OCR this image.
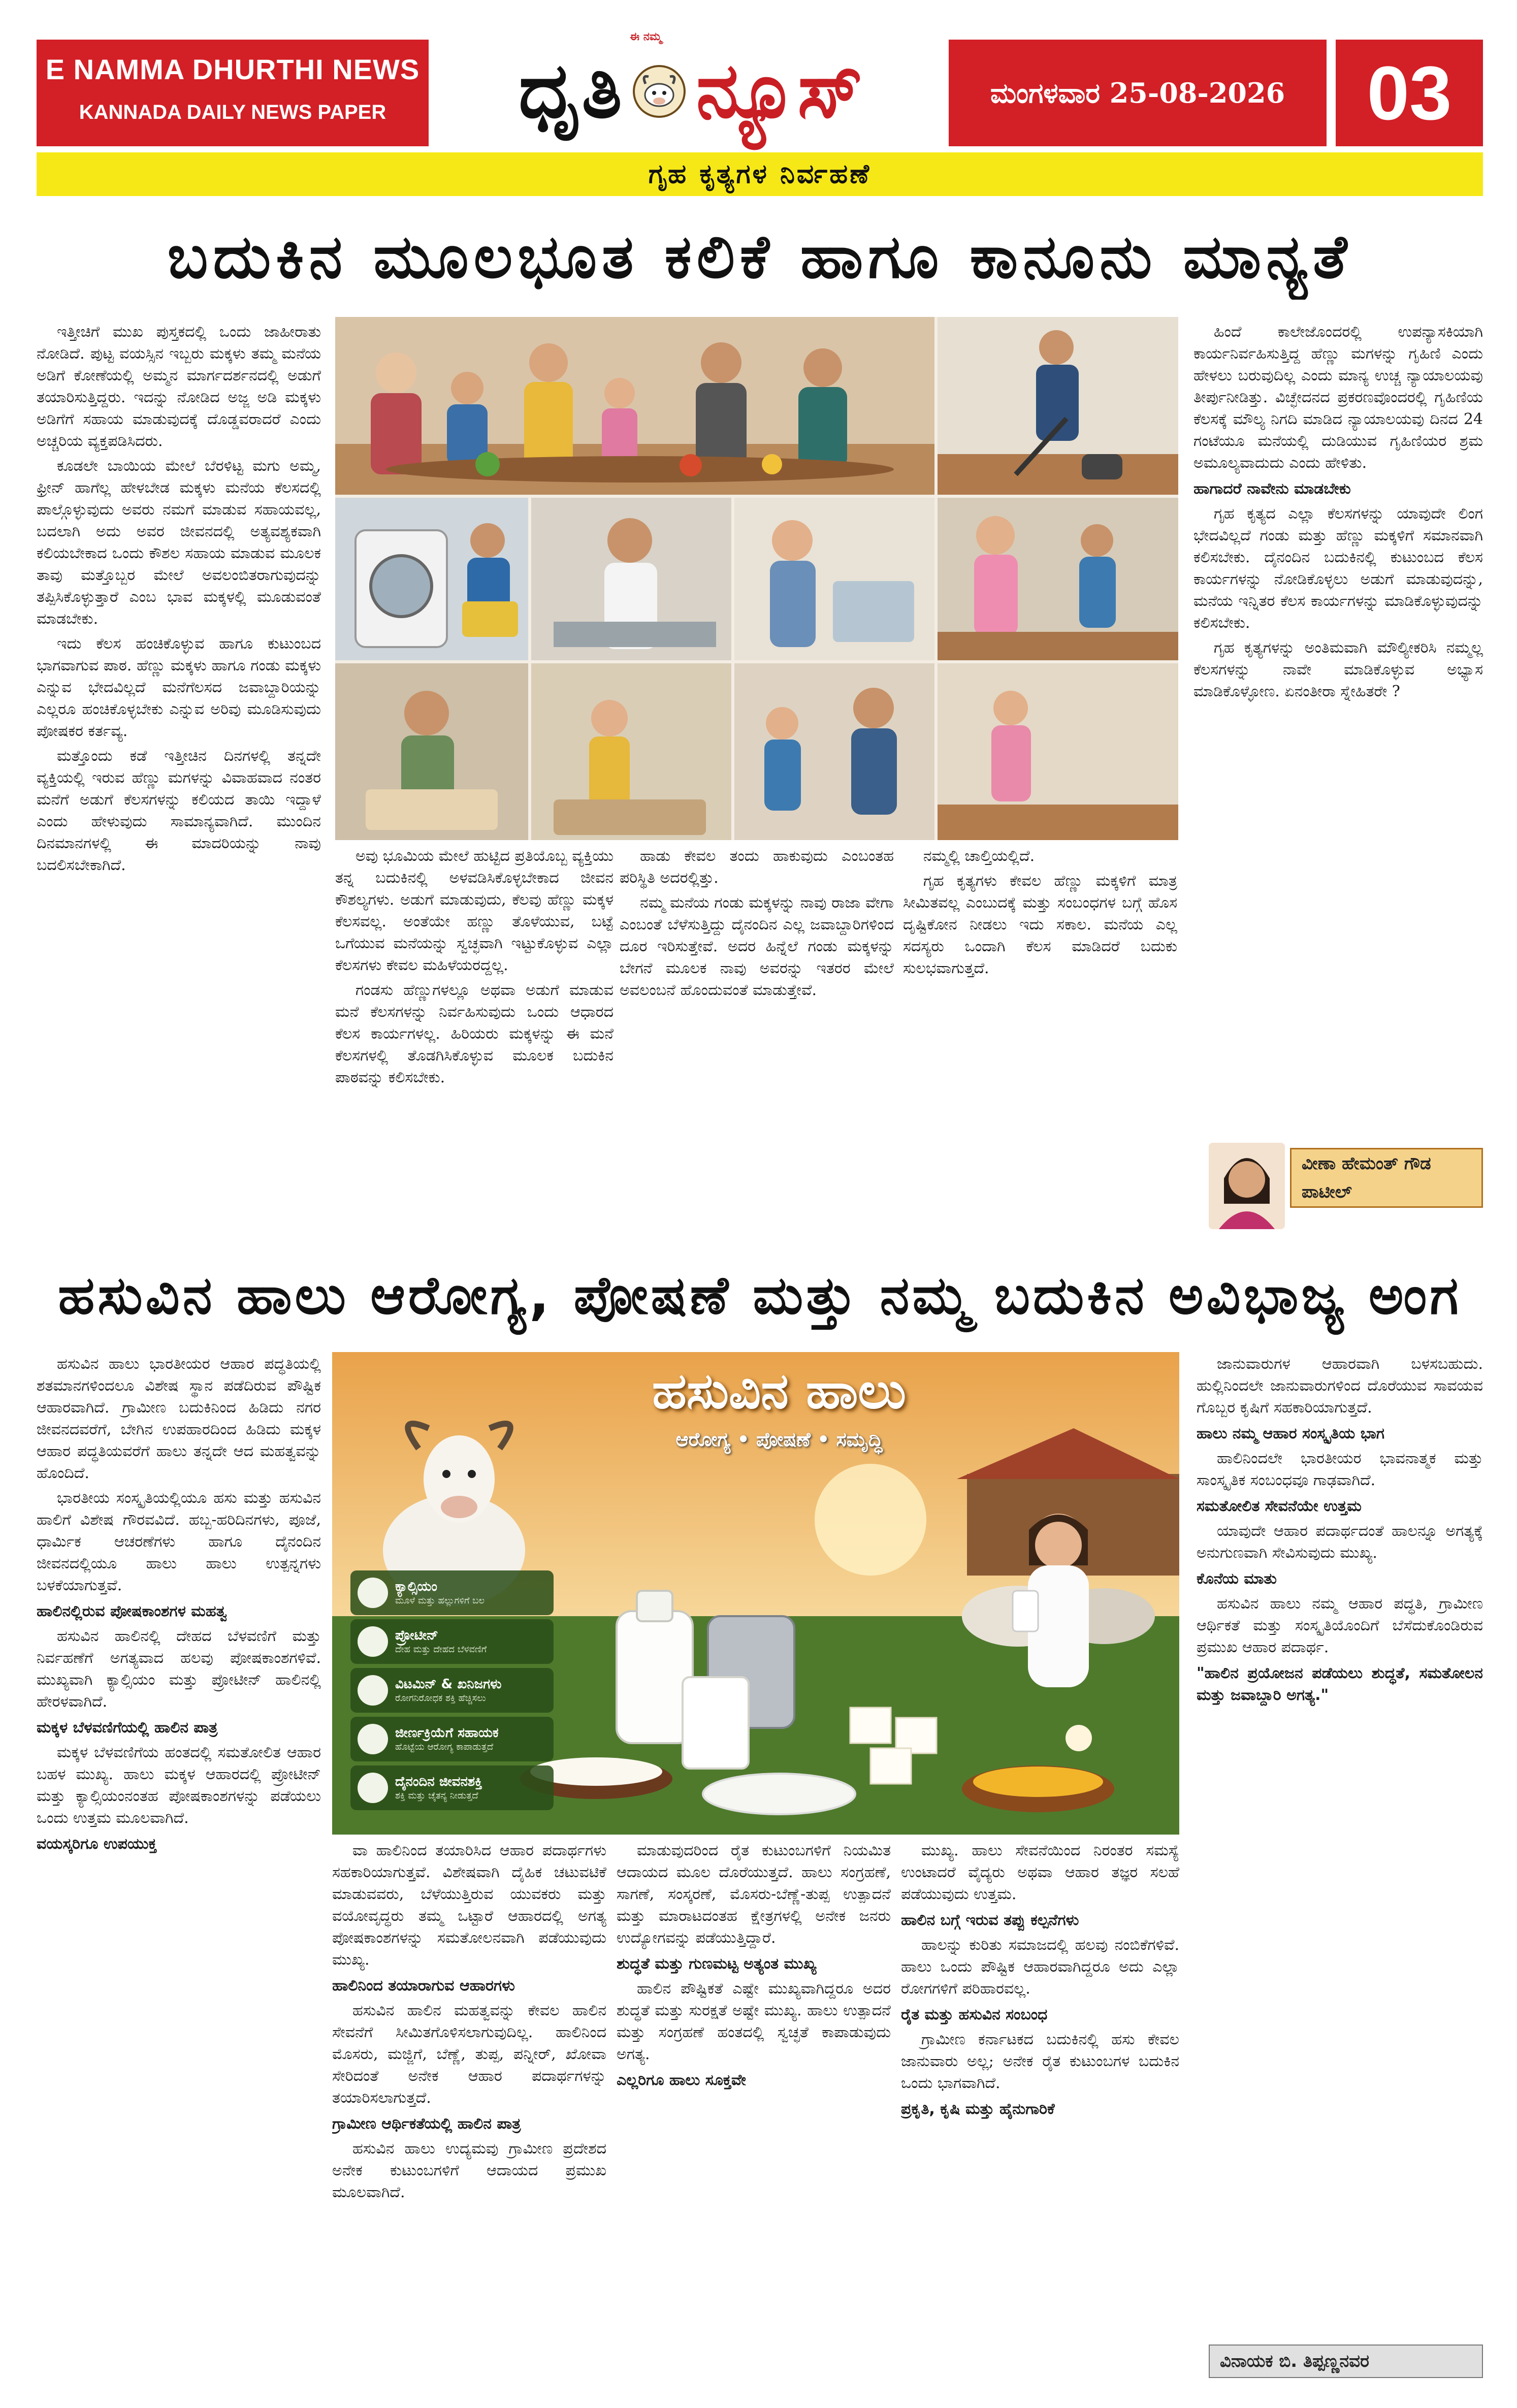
E NAMMA DHURTHI NEWS
KANNADA DAILY NEWS PAPER
ಈ ನಮ್ಮ
ಧೃತಿ ನ್ಯೂಸ್	ಮಂಗಳವಾರ 25-08-2026	03
ಗೃಹ ಕೃತ್ಯಗಳ ನಿರ್ವಹಣೆ
ಬದುಕಿನ ಮೂಲಭೂತ ಕಲಿಕೆ ಹಾಗೂ ಕಾನೂನು ಮಾನ್ಯತೆ

ಇತ್ತೀಚಿಗೆ ಮುಖ ಪುಸ್ತಕದಲ್ಲಿ ಒಂದು ಜಾಹೀರಾತು ನೋಡಿದೆ. ಪುಟ್ಟ ವಯಸ್ಸಿನ ಇಬ್ಬರು ಮಕ್ಕಳು ತಮ್ಮ ಮನೆಯ ಅಡಿಗೆ ಕೋಣೆಯಲ್ಲಿ ಅಮ್ಮನ ಮಾರ್ಗದರ್ಶನದಲ್ಲಿ ಅಡುಗೆ ತಯಾರಿಸುತ್ತಿದ್ದರು. ಇದನ್ನು ನೋಡಿದ ಅಜ್ಜ ಅಡಿ ಮಕ್ಕಳು ಅಡಿಗೆಗೆ ಸಹಾಯ ಮಾಡುವುದಕ್ಕೆ ದೊಡ್ಡವರಾದರೆ ಎಂದು ಅಚ್ಚರಿಯ ವ್ಯಕ್ತಪಡಿಸಿದರು.

ಕೂಡಲೇ ಬಾಯಿಯ ಮೇಲೆ ಬೆರಳಿಟ್ಟ ಮಗು ಅಮ್ಮ, ಫ್ರೀನ್ ಹಾಗೆಲ್ಲ ಹೇಳಬೇಡ ಮಕ್ಕಳು ಮನೆಯ ಕೆಲಸದಲ್ಲಿ ಪಾಲ್ಗೊಳ್ಳುವುದು ಅವರು ನಮಗೆ ಮಾಡುವ ಸಹಾಯವಲ್ಲ, ಬದಲಾಗಿ ಅದು ಅವರ ಜೀವನದಲ್ಲಿ ಅತ್ಯವಶ್ಯಕವಾಗಿ ಕಲಿಯಬೇಕಾದ ಒಂದು ಕೌಶಲ ಸಹಾಯ ಮಾಡುವ ಮೂಲಕ ತಾವು ಮತ್ತೊಬ್ಬರ ಮೇಲೆ ಅವಲಂಬಿತರಾಗುವುದನ್ನು ತಪ್ಪಿಸಿಕೊಳ್ಳುತ್ತಾರೆ ಎಂಬ ಭಾವ ಮಕ್ಕಳಲ್ಲಿ ಮೂಡುವಂತೆ ಮಾಡಬೇಕು.

ಇದು ಕೆಲಸ ಹಂಚಿಕೊಳ್ಳುವ ಹಾಗೂ ಕುಟುಂಬದ ಭಾಗವಾಗುವ ಪಾಠ. ಹೆಣ್ಣು ಮಕ್ಕಳು ಹಾಗೂ ಗಂಡು ಮಕ್ಕಳು ಎನ್ನುವ ಭೇದವಿಲ್ಲದೆ ಮನೆಗೆಲಸದ ಜವಾಬ್ದಾರಿಯನ್ನು ಎಲ್ಲರೂ ಹಂಚಿಕೊಳ್ಳಬೇಕು ಎನ್ನುವ ಅರಿವು ಮೂಡಿಸುವುದು ಪೋಷಕರ ಕರ್ತವ್ಯ.

ಮತ್ತೊಂದು ಕಡೆ ಇತ್ತೀಚಿನ ದಿನಗಳಲ್ಲಿ ತನ್ನದೇ ವ್ಯಕ್ತಿಯಲ್ಲಿ ಇರುವ ಹೆಣ್ಣು ಮಗಳನ್ನು ವಿವಾಹವಾದ ನಂತರ ಮನೆಗೆ ಅಡುಗೆ ಕೆಲಸಗಳನ್ನು ಕಲಿಯದ ತಾಯಿ ಇದ್ದಾಳೆ ಎಂದು ಹೇಳುವುದು ಸಾಮಾನ್ಯವಾಗಿದೆ. ಮುಂದಿನ ದಿನಮಾನಗಳಲ್ಲಿ ಈ ಮಾದರಿಯನ್ನು ನಾವು ಬದಲಿಸಬೇಕಾಗಿದೆ.

ಅವು ಭೂಮಿಯ ಮೇಲೆ ಹುಟ್ಟಿದ ಪ್ರತಿಯೊಬ್ಬ ವ್ಯಕ್ತಿಯು ತನ್ನ ಬದುಕಿನಲ್ಲಿ ಅಳವಡಿಸಿಕೊಳ್ಳಬೇಕಾದ ಜೀವನ ಕೌಶಲ್ಯಗಳು. ಅಡುಗೆ ಮಾಡುವುದು, ಕೆಲವು ಹೆಣ್ಣು ಮಕ್ಕಳ ಕೆಲಸವಲ್ಲ. ಅಂತೆಯೇ ಹಣ್ಣು ತೊಳೆಯುವ, ಬಟ್ಟೆ ಒಗೆಯುವ ಮನೆಯನ್ನು ಸ್ವಚ್ಛವಾಗಿ ಇಟ್ಟುಕೊಳ್ಳುವ ಎಲ್ಲಾ ಕೆಲಸಗಳು ಕೇವಲ ಮಹಿಳೆಯರದ್ದಲ್ಲ.

ಗಂಡಸು ಹೆಣ್ಣುಗಳಲ್ಲೂ ಅಥವಾ ಅಡುಗೆ ಮಾಡುವ ಮನೆ ಕೆಲಸಗಳನ್ನು ನಿರ್ವಹಿಸುವುದು ಒಂದು ಆಧಾರದ ಕೆಲಸ ಕಾರ್ಯಗಳಲ್ಲ. ಹಿರಿಯರು ಮಕ್ಕಳನ್ನು ಈ ಮನೆ ಕೆಲಸಗಳಲ್ಲಿ ತೊಡಗಿಸಿಕೊಳ್ಳುವ ಮೂಲಕ ಬದುಕಿನ ಪಾಠವನ್ನು ಕಲಿಸಬೇಕು.

ಹಾಡು ಕೇವಲ ತಂದು ಹಾಕುವುದು ಎಂಬಂತಹ ಪರಿಸ್ಥಿತಿ ಅದರಲ್ಲಿತ್ತು.

ನಮ್ಮ ಮನೆಯ ಗಂಡು ಮಕ್ಕಳನ್ನು ನಾವು ರಾಜಾ ವೇಗಾ ಎಂಬಂತೆ ಬೆಳೆಸುತ್ತಿದ್ದು ದೈನಂದಿನ ಎಲ್ಲ ಜವಾಬ್ದಾರಿಗಳಿಂದ ದೂರ ಇರಿಸುತ್ತೇವೆ. ಅದರ ಹಿನ್ನೆಲೆ ಗಂಡು ಮಕ್ಕಳನ್ನು ಬೇಗನೆ ಮೂಲಕ ನಾವು ಅವರನ್ನು ಇತರರ ಮೇಲೆ ಅವಲಂಬನೆ ಹೊಂದುವಂತೆ ಮಾಡುತ್ತೇವೆ.

ನಮ್ಮಲ್ಲಿ ಚಾಲ್ತಿಯಲ್ಲಿದೆ.

ಗೃಹ ಕೃತ್ಯಗಳು ಕೇವಲ ಹೆಣ್ಣು ಮಕ್ಕಳಿಗೆ ಮಾತ್ರ ಸೀಮಿತವಲ್ಲ ಎಂಬುದಕ್ಕೆ ಮತ್ತು ಸಂಬಂಧಗಳ ಬಗ್ಗೆ ಹೊಸ ದೃಷ್ಟಿಕೋನ ನೀಡಲು ಇದು ಸಕಾಲ. ಮನೆಯ ಎಲ್ಲ ಸದಸ್ಯರು ಒಂದಾಗಿ ಕೆಲಸ ಮಾಡಿದರೆ ಬದುಕು ಸುಲಭವಾಗುತ್ತದೆ.

ಹಿಂದೆ ಕಾಲೇಜೊಂದರಲ್ಲಿ ಉಪನ್ಯಾಸಕಿಯಾಗಿ ಕಾರ್ಯನಿರ್ವಹಿಸುತ್ತಿದ್ದ ಹೆಣ್ಣು ಮಗಳನ್ನು ಗೃಹಿಣಿ ಎಂದು ಹೇಳಲು ಬರುವುದಿಲ್ಲ ಎಂದು ಮಾನ್ಯ ಉಚ್ಚ ನ್ಯಾಯಾಲಯವು ತೀರ್ಪುನೀಡಿತ್ತು. ವಿಚ್ಛೇದನದ ಪ್ರಕರಣವೊಂದರಲ್ಲಿ ಗೃಹಿಣಿಯ ಕೆಲಸಕ್ಕೆ ಮೌಲ್ಯ ನಿಗದಿ ಮಾಡಿದ ನ್ಯಾಯಾಲಯವು ದಿನದ 24 ಗಂಟೆಯೂ ಮನೆಯಲ್ಲಿ ದುಡಿಯುವ ಗೃಹಿಣಿಯರ ಶ್ರಮ ಅಮೂಲ್ಯವಾದುದು ಎಂದು ಹೇಳಿತು.

ಹಾಗಾದರೆ ನಾವೇನು ಮಾಡಬೇಕು

ಗೃಹ ಕೃತ್ಯದ ಎಲ್ಲಾ ಕೆಲಸಗಳನ್ನು ಯಾವುದೇ ಲಿಂಗ ಭೇದವಿಲ್ಲದೆ ಗಂಡು ಮತ್ತು ಹೆಣ್ಣು ಮಕ್ಕಳಿಗೆ ಸಮಾನವಾಗಿ ಕಲಿಸಬೇಕು. ದೈನಂದಿನ ಬದುಕಿನಲ್ಲಿ ಕುಟುಂಬದ ಕೆಲಸ ಕಾರ್ಯಗಳನ್ನು ನೋಡಿಕೊಳ್ಳಲು ಅಡುಗೆ ಮಾಡುವುದನ್ನು, ಮನೆಯ ಇನ್ನಿತರ ಕೆಲಸ ಕಾರ್ಯಗಳನ್ನು ಮಾಡಿಕೊಳ್ಳುವುದನ್ನು ಕಲಿಸಬೇಕು.

ಗೃಹ ಕೃತ್ಯಗಳನ್ನು ಅಂತಿಮವಾಗಿ ಮೌಲ್ಯೀಕರಿಸಿ ನಮ್ಮಲ್ಲ ಕೆಲಸಗಳನ್ನು ನಾವೇ ಮಾಡಿಕೊಳ್ಳುವ ಅಭ್ಯಾಸ ಮಾಡಿಕೊಳ್ಳೋಣ. ಏನಂತೀರಾ ಸ್ನೇಹಿತರೇ ?

ವೀಣಾ ಹೇಮಂತ್ ಗೌಡ ಪಾಟೀಲ್
ಹಸುವಿನ ಹಾಲು ಆರೋಗ್ಯ, ಪೋಷಣೆ ಮತ್ತು ನಮ್ಮ ಬದುಕಿನ ಅವಿಭಾಜ್ಯ ಅಂಗ

ಹಸುವಿನ ಹಾಲು ಭಾರತೀಯರ ಆಹಾರ ಪದ್ಧತಿಯಲ್ಲಿ ಶತಮಾನಗಳಿಂದಲೂ ವಿಶೇಷ ಸ್ಥಾನ ಪಡೆದಿರುವ ಪೌಷ್ಟಿಕ ಆಹಾರವಾಗಿದೆ. ಗ್ರಾಮೀಣ ಬದುಕಿನಿಂದ ಹಿಡಿದು ನಗರ ಜೀವನದವರೆಗೆ, ಬೇಗಿನ ಉಪಹಾರದಿಂದ ಹಿಡಿದು ಮಕ್ಕಳ ಆಹಾರ ಪದ್ಧತಿಯವರೆಗೆ ಹಾಲು ತನ್ನದೇ ಆದ ಮಹತ್ವವನ್ನು ಹೊಂದಿದೆ.

ಭಾರತೀಯ ಸಂಸ್ಕೃತಿಯಲ್ಲಿಯೂ ಹಸು ಮತ್ತು ಹಸುವಿನ ಹಾಲಿಗೆ ವಿಶೇಷ ಗೌರವವಿದೆ. ಹಬ್ಬ-ಹರಿದಿನಗಳು, ಪೂಜೆ, ಧಾರ್ಮಿಕ ಆಚರಣೆಗಳು ಹಾಗೂ ದೈನಂದಿನ ಜೀವನದಲ್ಲಿಯೂ ಹಾಲು ಹಾಲು ಉತ್ಪನ್ನಗಳು ಬಳಕೆಯಾಗುತ್ತವೆ.

ಹಾಲಿನಲ್ಲಿರುವ ಪೋಷಕಾಂಶಗಳ ಮಹತ್ವ

ಹಸುವಿನ ಹಾಲಿನಲ್ಲಿ ದೇಹದ ಬೆಳವಣಿಗೆ ಮತ್ತು ನಿರ್ವಹಣೆಗೆ ಅಗತ್ಯವಾದ ಹಲವು ಪೋಷಕಾಂಶಗಳಿವೆ. ಮುಖ್ಯವಾಗಿ ಕ್ಯಾಲ್ಸಿಯಂ ಮತ್ತು ಪ್ರೋಟೀನ್ ಹಾಲಿನಲ್ಲಿ ಹೇರಳವಾಗಿದೆ.

ಮಕ್ಕಳ ಬೆಳವಣಿಗೆಯಲ್ಲಿ ಹಾಲಿನ ಪಾತ್ರ

ಮಕ್ಕಳ ಬೆಳವಣಿಗೆಯ ಹಂತದಲ್ಲಿ ಸಮತೋಲಿತ ಆಹಾರ ಬಹಳ ಮುಖ್ಯ. ಹಾಲು ಮಕ್ಕಳ ಆಹಾರದಲ್ಲಿ ಪ್ರೋಟೀನ್ ಮತ್ತು ಕ್ಯಾಲ್ಸಿಯಂನಂತಹ ಪೋಷಕಾಂಶಗಳನ್ನು ಪಡೆಯಲು ಒಂದು ಉತ್ತಮ ಮೂಲವಾಗಿದೆ.

ವಯಸ್ಕರಿಗೂ ಉಪಯುಕ್ತ

ಹಸುವಿನ ಹಾಲು
ಆರೋಗ್ಯ • ಪೋಷಣೆ • ಸಮೃದ್ಧಿ
ಕ್ಯಾಲ್ಸಿಯಂ
ಮೂಳೆ ಮತ್ತು ಹಲ್ಲುಗಳಿಗೆ ಬಲ
ಪ್ರೋಟೀನ್
ದೇಹ ಮತ್ತು ದೇಹದ ಬೆಳವಣಿಗೆ
ವಿಟಮಿನ್ & ಖನಿಜಗಳು
ರೋಗನಿರೋಧಕ ಶಕ್ತಿ ಹೆಚ್ಚಿಸಲು
ಜೀರ್ಣಕ್ರಿಯೆಗೆ ಸಹಾಯಕ
ಹೊಟ್ಟೆಯ ಆರೋಗ್ಯ ಕಾಪಾಡುತ್ತದೆ
ದೈನಂದಿನ ಜೀವನಶಕ್ತಿ
ಶಕ್ತಿ ಮತ್ತು ಚೈತನ್ಯ ನೀಡುತ್ತದೆ

ವಾ ಹಾಲಿನಿಂದ ತಯಾರಿಸಿದ ಆಹಾರ ಪದಾರ್ಥಗಳು ಸಹಕಾರಿಯಾಗುತ್ತವೆ. ವಿಶೇಷವಾಗಿ ದೈಹಿಕ ಚಟುವಟಿಕೆ ಮಾಡುವವರು, ಬೆಳೆಯುತ್ತಿರುವ ಯುವಕರು ಮತ್ತು ವಯೋವೃದ್ಧರು ತಮ್ಮ ಒಟ್ಟಾರೆ ಆಹಾರದಲ್ಲಿ ಅಗತ್ಯ ಪೋಷಕಾಂಶಗಳನ್ನು ಸಮತೋಲನವಾಗಿ ಪಡೆಯುವುದು ಮುಖ್ಯ.

ಹಾಲಿನಿಂದ ತಯಾರಾಗುವ ಆಹಾರಗಳು

ಹಸುವಿನ ಹಾಲಿನ ಮಹತ್ವವನ್ನು ಕೇವಲ ಹಾಲಿನ ಸೇವನೆಗೆ ಸೀಮಿತಗೊಳಿಸಲಾಗುವುದಿಲ್ಲ. ಹಾಲಿನಿಂದ ಮೊಸರು, ಮಜ್ಜಿಗೆ, ಬೆಣ್ಣೆ, ತುಪ್ಪ, ಪನ್ನೀರ್, ಖೋವಾ ಸೇರಿದಂತೆ ಅನೇಕ ಆಹಾರ ಪದಾರ್ಥಗಳನ್ನು ತಯಾರಿಸಲಾಗುತ್ತದೆ.

ಗ್ರಾಮೀಣ ಆರ್ಥಿಕತೆಯಲ್ಲಿ ಹಾಲಿನ ಪಾತ್ರ

ಹಸುವಿನ ಹಾಲು ಉದ್ಯಮವು ಗ್ರಾಮೀಣ ಪ್ರದೇಶದ ಅನೇಕ ಕುಟುಂಬಗಳಿಗೆ ಆದಾಯದ ಪ್ರಮುಖ ಮೂಲವಾಗಿದೆ.

ಮಾಡುವುದರಿಂದ ರೈತ ಕುಟುಂಬಗಳಿಗೆ ನಿಯಮಿತ ಆದಾಯದ ಮೂಲ ದೊರೆಯುತ್ತದೆ. ಹಾಲು ಸಂಗ್ರಹಣೆ, ಸಾಗಣೆ, ಸಂಸ್ಕರಣೆ, ಮೊಸರು-ಬೆಣ್ಣೆ-ತುಪ್ಪ ಉತ್ಪಾದನೆ ಮತ್ತು ಮಾರಾಟದಂತಹ ಕ್ಷೇತ್ರಗಳಲ್ಲಿ ಅನೇಕ ಜನರು ಉದ್ಯೋಗವನ್ನು ಪಡೆಯುತ್ತಿದ್ದಾರೆ.

ಶುದ್ಧತೆ ಮತ್ತು ಗುಣಮಟ್ಟ ಅತ್ಯಂತ ಮುಖ್ಯ

ಹಾಲಿನ ಪೌಷ್ಟಿಕತೆ ಎಷ್ಟೇ ಮುಖ್ಯವಾಗಿದ್ದರೂ ಅದರ ಶುದ್ಧತೆ ಮತ್ತು ಸುರಕ್ಷತೆ ಅಷ್ಟೇ ಮುಖ್ಯ. ಹಾಲು ಉತ್ಪಾದನೆ ಮತ್ತು ಸಂಗ್ರಹಣೆ ಹಂತದಲ್ಲಿ ಸ್ವಚ್ಛತೆ ಕಾಪಾಡುವುದು ಅಗತ್ಯ.

ಎಲ್ಲರಿಗೂ ಹಾಲು ಸೂಕ್ತವೇ

ಮುಖ್ಯ. ಹಾಲು ಸೇವನೆಯಿಂದ ನಿರಂತರ ಸಮಸ್ಯೆ ಉಂಟಾದರೆ ವೈದ್ಯರು ಅಥವಾ ಆಹಾರ ತಜ್ಞರ ಸಲಹೆ ಪಡೆಯುವುದು ಉತ್ತಮ.

ಹಾಲಿನ ಬಗ್ಗೆ ಇರುವ ತಪ್ಪು ಕಲ್ಪನೆಗಳು

ಹಾಲನ್ನು ಕುರಿತು ಸಮಾಜದಲ್ಲಿ ಹಲವು ನಂಬಿಕೆಗಳಿವೆ. ಹಾಲು ಒಂದು ಪೌಷ್ಟಿಕ ಆಹಾರವಾಗಿದ್ದರೂ ಅದು ಎಲ್ಲಾ ರೋಗಗಳಿಗೆ ಪರಿಹಾರವಲ್ಲ.

ರೈತ ಮತ್ತು ಹಸುವಿನ ಸಂಬಂಧ

ಗ್ರಾಮೀಣ ಕರ್ನಾಟಕದ ಬದುಕಿನಲ್ಲಿ ಹಸು ಕೇವಲ ಜಾನುವಾರು ಅಲ್ಲ; ಅನೇಕ ರೈತ ಕುಟುಂಬಗಳ ಬದುಕಿನ ಒಂದು ಭಾಗವಾಗಿದೆ.

ಪ್ರಕೃತಿ, ಕೃಷಿ ಮತ್ತು ಹೈನುಗಾರಿಕೆ

ಜಾನುವಾರುಗಳ ಆಹಾರವಾಗಿ ಬಳಸಬಹುದು. ಹುಲ್ಲಿನಿಂದಲೇ ಜಾನುವಾರುಗಳಿಂದ ದೊರೆಯುವ ಸಾವಯವ ಗೊಬ್ಬರ ಕೃಷಿಗೆ ಸಹಕಾರಿಯಾಗುತ್ತದೆ.

ಹಾಲು ನಮ್ಮ ಆಹಾರ ಸಂಸ್ಕೃತಿಯ ಭಾಗ

ಹಾಲಿನಿಂದಲೇ ಭಾರತೀಯರ ಭಾವನಾತ್ಮಕ ಮತ್ತು ಸಾಂಸ್ಕೃತಿಕ ಸಂಬಂಧವೂ ಗಾಢವಾಗಿದೆ.

ಸಮತೋಲಿತ ಸೇವನೆಯೇ ಉತ್ತಮ

ಯಾವುದೇ ಆಹಾರ ಪದಾರ್ಥದಂತೆ ಹಾಲನ್ನೂ ಅಗತ್ಯಕ್ಕೆ ಅನುಗುಣವಾಗಿ ಸೇವಿಸುವುದು ಮುಖ್ಯ.

ಕೊನೆಯ ಮಾತು

ಹಸುವಿನ ಹಾಲು ನಮ್ಮ ಆಹಾರ ಪದ್ಧತಿ, ಗ್ರಾಮೀಣ ಆರ್ಥಿಕತೆ ಮತ್ತು ಸಂಸ್ಕೃತಿಯೊಂದಿಗೆ ಬೆಸೆದುಕೊಂಡಿರುವ ಪ್ರಮುಖ ಆಹಾರ ಪದಾರ್ಥ.

"ಹಾಲಿನ ಪ್ರಯೋಜನ ಪಡೆಯಲು ಶುದ್ಧತೆ, ಸಮತೋಲನ ಮತ್ತು ಜವಾಬ್ದಾರಿ ಅಗತ್ಯ."

ವಿನಾಯಕ ಬಿ. ತಿಪ್ಪಣ್ಣನವರ
